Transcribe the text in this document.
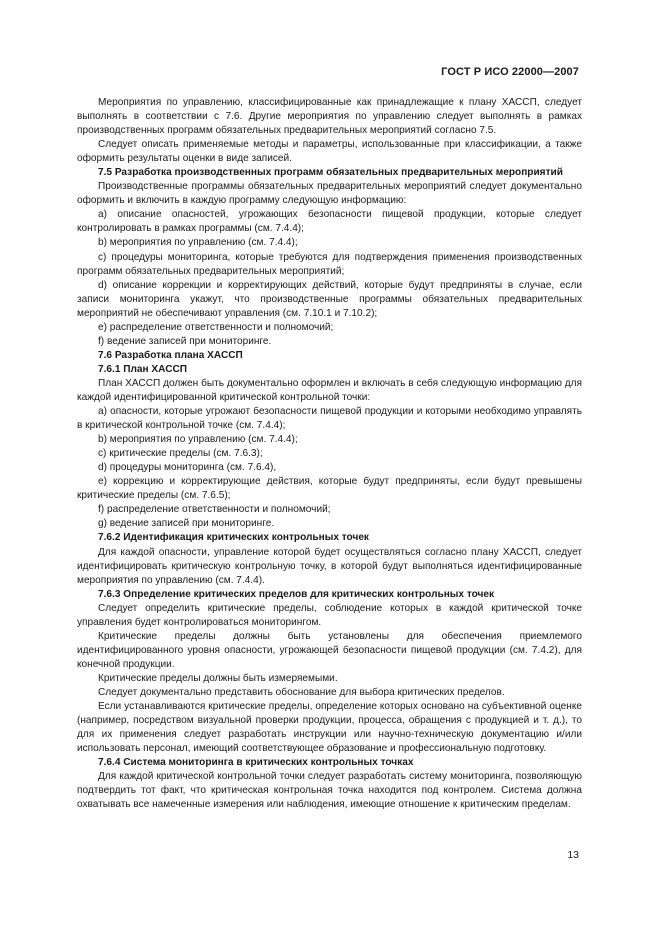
ГОСТ Р ИСО 22000—2007

Мероприятия по управлению, классифицированные как принадлежащие к плану ХАССП, следует выполнять в соответствии с 7.6. Другие мероприятия по управлению следует выполнять в рамках производственных программ обязательных предварительных мероприятий согласно 7.5.

Следует описать применяемые методы и параметры, использованные при классификации, а также оформить результаты оценки в виде записей.

7.5 Разработка производственных программ обязательных предварительных мероприятий

Производственные программы обязательных предварительных мероприятий следует документально оформить и включить в каждую программу следующую информацию:

a) описание опасностей, угрожающих безопасности пищевой продукции, которые следует контролировать в рамках программы (см. 7.4.4);

b) мероприятия по управлению (см. 7.4.4);

c) процедуры мониторинга, которые требуются для подтверждения применения производственных программ обязательных предварительных мероприятий;

d) описание коррекции и корректирующих действий, которые будут предприняты в случае, если записи мониторинга укажут, что производственные программы обязательных предварительных мероприятий не обеспечивают управления (см. 7.10.1 и 7.10.2);

e) распределение ответственности и полномочий;

f) ведение записей при мониторинге.

7.6 Разработка плана ХАССП

7.6.1 План ХАССП

План ХАССП должен быть документально оформлен и включать в себя следующую информацию для каждой идентифицированной критической контрольной точки:

a) опасности, которые угрожают безопасности пищевой продукции и которыми необходимо управлять в критической контрольной точке (см. 7.4.4);

b) мероприятия по управлению (см. 7.4.4);

c) критические пределы (см. 7.6.3);

d) процедуры мониторинга (см. 7.6.4),

e) коррекцию и корректирующие действия, которые будут предприняты, если будут превышены критические пределы (см. 7.6.5);

f) распределение ответственности и полномочий;

g) ведение записей при мониторинге.

7.6.2 Идентификация критических контрольных точек

Для каждой опасности, управление которой будет осуществляться согласно плану ХАССП, следует идентифицировать критическую контрольную точку, в которой будут выполняться идентифицированные мероприятия по управлению (см. 7.4.4).

7.6.3 Определение критических пределов для критических контрольных точек

Следует определить критические пределы, соблюдение которых в каждой критической точке управления будет контролироваться мониторингом.

Критические пределы должны быть установлены для обеспечения приемлемого идентифицированного уровня опасности, угрожающей безопасности пищевой продукции (см. 7.4.2), для конечной продукции.

Критические пределы должны быть измеряемыми.

Следует документально представить обоснование для выбора критических пределов.

Если устанавливаются критические пределы, определение которых основано на субъективной оценке (например, посредством визуальной проверки продукции, процесса, обращения с продукцией и т. д.), то для их применения следует разработать инструкции или научно-техническую документацию и/или использовать персонал, имеющий соответствующее образование и профессиональную подготовку.

7.6.4 Система мониторинга в критических контрольных точках

Для каждой критической контрольной точки следует разработать систему мониторинга, позволяющую подтвердить тот факт, что критическая контрольная точка находится под контролем. Система должна охватывать все намеченные измерения или наблюдения, имеющие отношение к критическим пределам.

13
